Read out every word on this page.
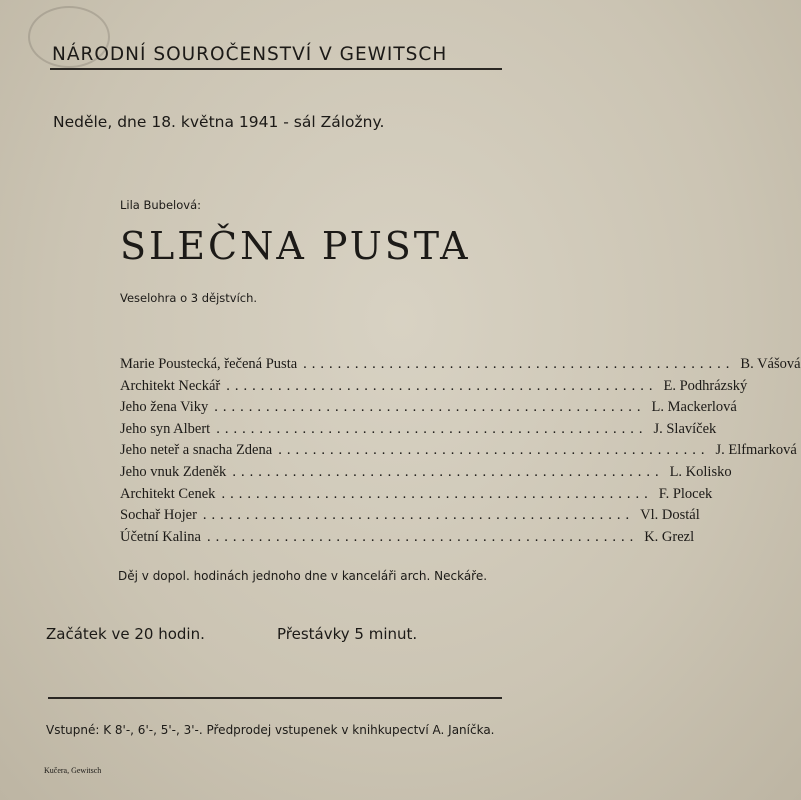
NÁRODNÍ SOUROČENSTVÍ V GEWITSCH
Neděle, dne 18. května 1941 - sál Záložny.
Lila Bubelová:
SLEČNA PUSTA
Veselohra o 3 dějstvích.
Marie Poustecká, řečená Pusta .................................................. B. Vášová
Architekt Neckář .................................................. E. Podhrázský
Jeho žena Viky .................................................. L. Mackerlová
Jeho syn Albert .................................................. J. Slavíček
Jeho neteř a snacha Zdena .................................................. J. Elfmarková
Jeho vnuk Zdeněk .................................................. L. Kolisko
Architekt Cenek .................................................. F. Plocek
Sochař Hojer .................................................. Vl. Dostál
Účetní Kalina .................................................. K. Grezl
Děj v dopol. hodinách jednoho dne v kanceláři arch. Neckáře.
Začátek ve 20 hodin.	Přestávky 5 minut.
Vstupné: K 8'-, 6'-, 5'-, 3'-. Předprodej vstupenek v knihkupectví A. Janíčka.
Kučera, Gewitsch
